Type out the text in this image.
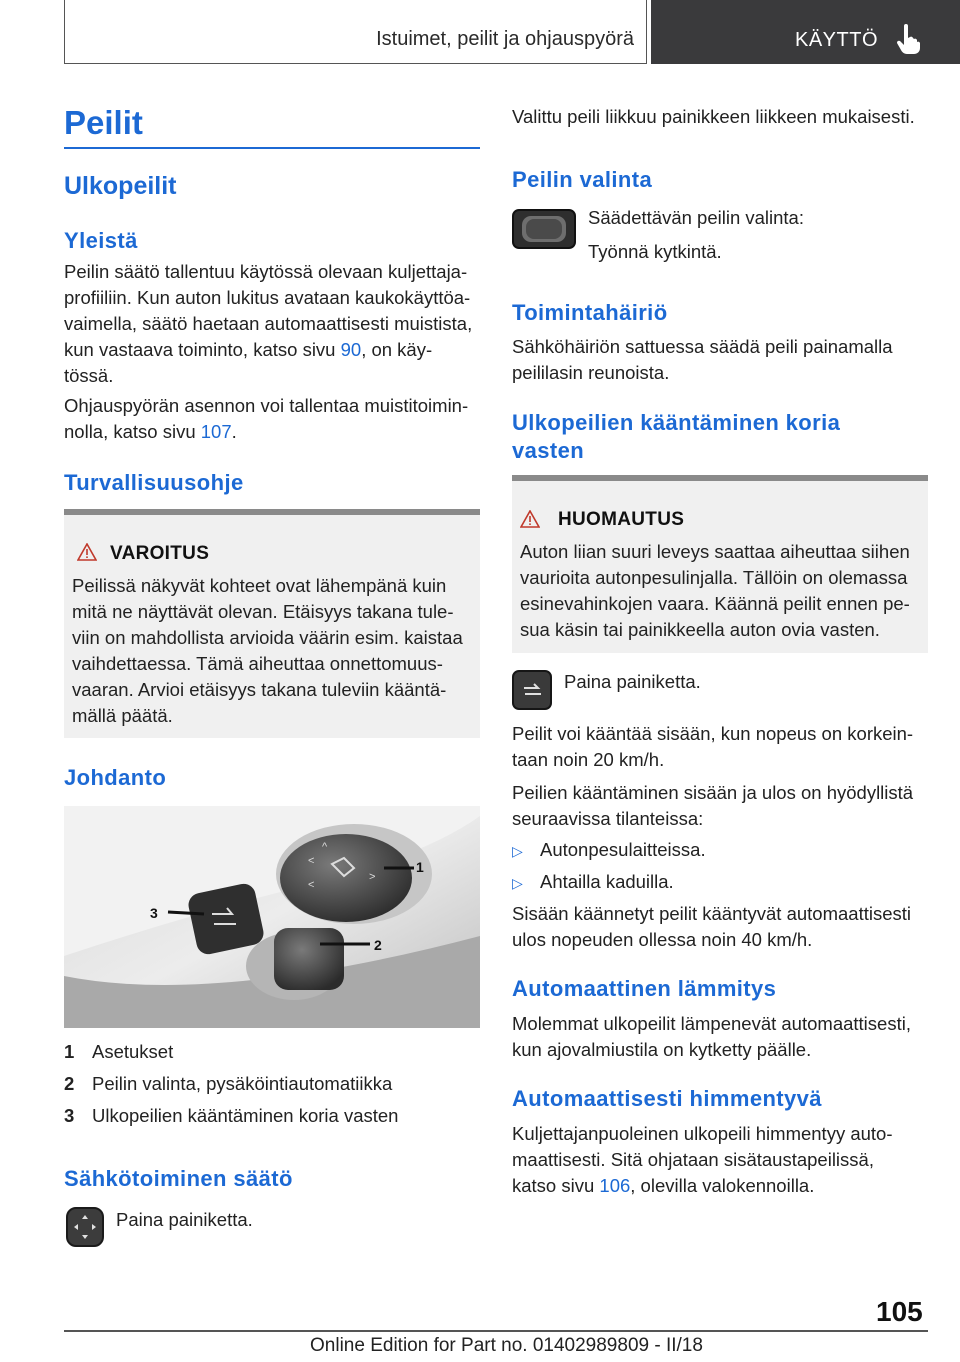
Istuimet, peilit ja ohjauspyörä	KÄYTTÖ
Peilit
Ulkopeilit
Yleistä
Peilin säätö tallentuu käytössä olevaan kuljettaja-
profiiliin. Kun auton lukitus avataan kaukokäyttöa-
vaimella, säätö haetaan automaattisesti muistista,
kun vastaava toiminto, katso sivu 90, on käy-
tössä.
Ohjauspyörän asennon voi tallentaa muistitoimin-
nolla, katso sivu 107.
Turvallisuusohje
VAROITUS
Peilissä näkyvät kohteet ovat lähempänä kuin
mitä ne näyttävät olevan. Etäisyys takana tule-
viin on mahdollista arvioida väärin esim. kaistaa
vaihdettaessa. Tämä aiheuttaa onnettomuus-
vaaran. Arvioi etäisyys takana tuleviin kääntä-
mällä päätä.
Johdanto
<
<
>
^
1
2
3
1 Asetukset
2 Peilin valinta, pysäköintiautomatiikka
3 Ulkopeilien kääntäminen koria vasten
Sähkötoiminen säätö
Paina painiketta.
Valittu peili liikkuu painikkeen liikkeen mukaisesti.
Peilin valinta
Säädettävän peilin valinta:
Työnnä kytkintä.
Toimintahäiriö
Sähköhäiriön sattuessa säädä peili painamalla
peililasin reunoista.
Ulkopeilien kääntäminen koria
vasten
HUOMAUTUS
Auton liian suuri leveys saattaa aiheuttaa siihen
vaurioita autonpesulinjalla. Tällöin on olemassa
esinevahinkojen vaara. Käännä peilit ennen pe-
sua käsin tai painikkeella auton ovia vasten.
Paina painiketta.
Peilit voi kääntää sisään, kun nopeus on korkein-
taan noin 20 km/h.
Peilien kääntäminen sisään ja ulos on hyödyllistä
seuraavissa tilanteissa:
▷ Autonpesulaitteissa.
▷ Ahtailla kaduilla.
Sisään käännetyt peilit kääntyvät automaattisesti
ulos nopeuden ollessa noin 40 km/h.
Automaattinen lämmitys
Molemmat ulkopeilit lämpenevät automaattisesti,
kun ajovalmiustila on kytketty päälle.
Automaattisesti himmentyvä
Kuljettajanpuoleinen ulkopeili himmentyy auto-
maattisesti. Sitä ohjataan sisätaustapeilissä,
katso sivu 106, olevilla valokennoilla.
105
Online Edition for Part no. 01402989809 - II/18
